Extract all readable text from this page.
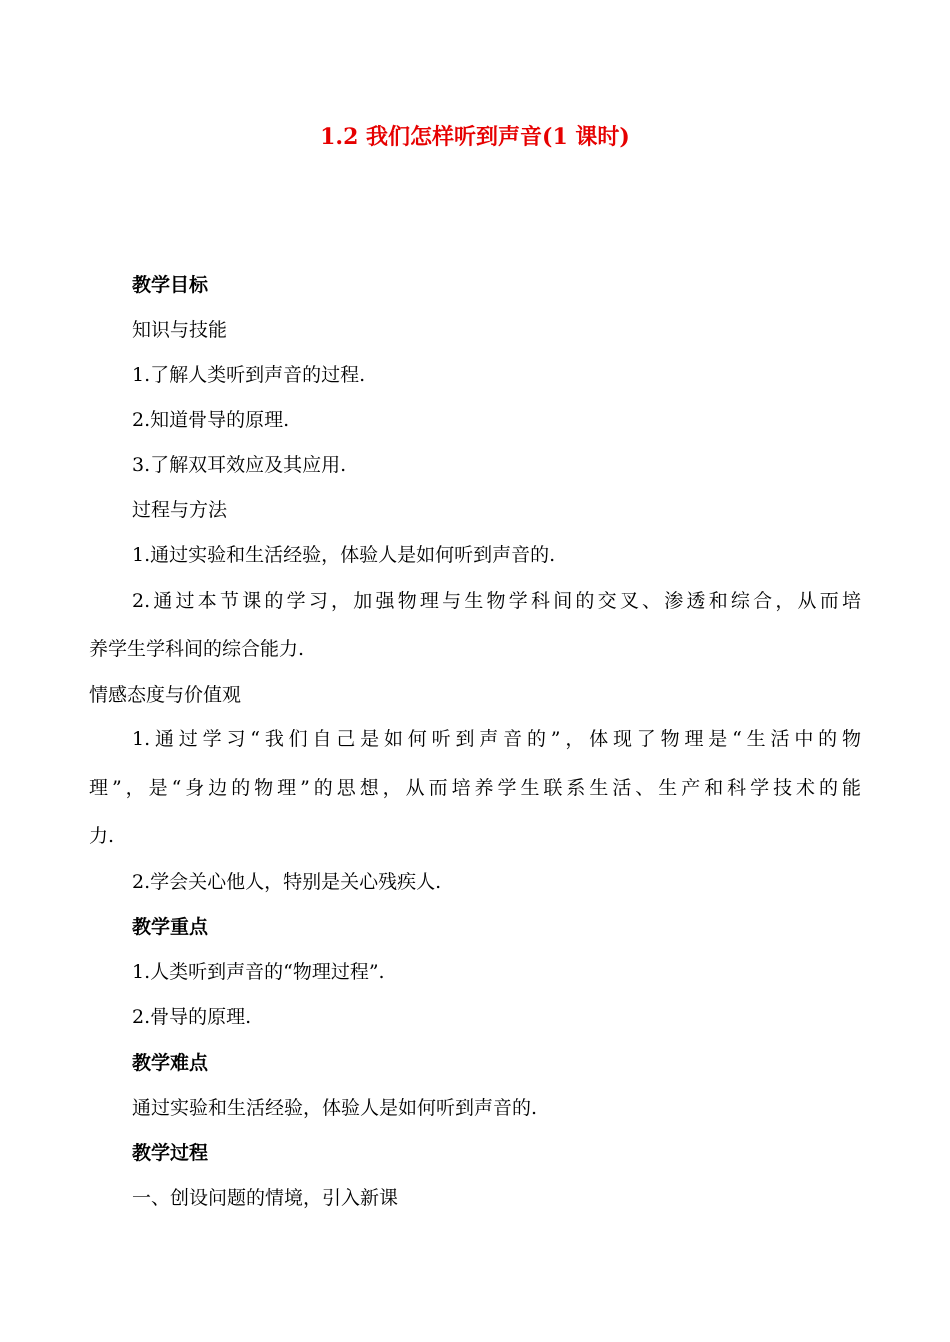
1.2 我们怎样听到声音(1 课时)
教学目标
知识与技能
1.了解人类听到声音的过程.
2.知道骨导的原理.
3.了解双耳效应及其应用.
过程与方法
1.通过实验和生活经验，体验人是如何听到声音的.
2.通过本节课的学习，加强物理与生物学科间的交叉、渗透和综合，从而培
养学生学科间的综合能力.
情感态度与价值观
1.通过学习“我们自己是如何听到声音的”，体现了物理是“生活中的物
理”，是“身边的物理”的思想，从而培养学生联系生活、生产和科学技术的能
力.
2.学会关心他人，特别是关心残疾人.
教学重点
1.人类听到声音的“物理过程”.
2.骨导的原理.
教学难点
通过实验和生活经验，体验人是如何听到声音的.
教学过程
一、创设问题的情境，引入新课
